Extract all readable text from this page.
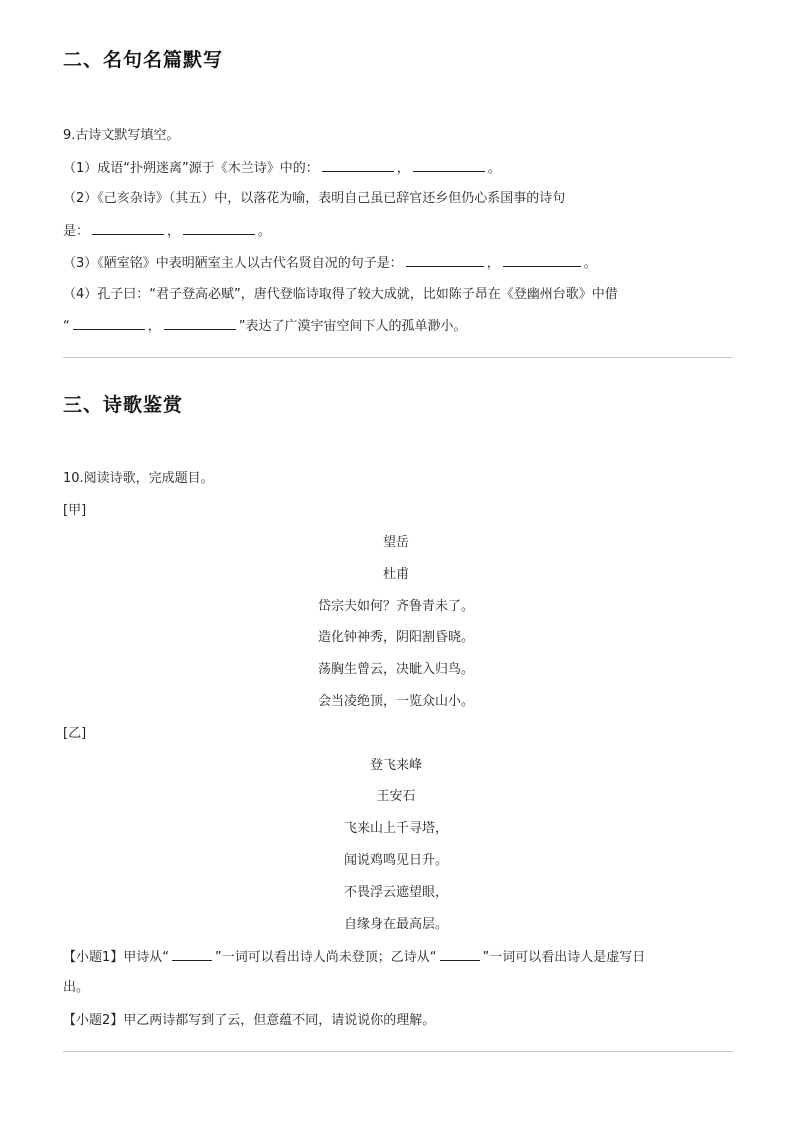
二、名句名篇默写
9.古诗文默写填空。
（1）成语“扑朔迷离”源于《木兰诗》中的：	，	。
（2）《己亥杂诗》（其五）中，以落花为喻，表明自己虽已辞官还乡但仍心系国事的诗句
是：	，	。
（3）《陋室铭》中表明陋室主人以古代名贤自况的句子是：	，	。
（4）孔子曰：“君子登高必赋”，唐代登临诗取得了较大成就，比如陈子昂在《登幽州台歌》中借
“	，	”表达了广漠宇宙空间下人的孤单渺小。
三、诗歌鉴赏
10.阅读诗歌，完成题目。
[甲]
望岳
杜甫
岱宗夫如何？齐鲁青未了。
造化钟神秀，阴阳割昏晓。
荡胸生曾云，决眦入归鸟。
会当凌绝顶，一览众山小。
[乙]
登飞来峰
王安石
飞来山上千寻塔，
闻说鸡鸣见日升。
不畏浮云遮望眼，
自缘身在最高层。
【小题1】甲诗从“	”一词可以看出诗人尚未登顶；乙诗从“	”一词可以看出诗人是虚写日
出。
【小题2】甲乙两诗都写到了云，但意蕴不同，请说说你的理解。
